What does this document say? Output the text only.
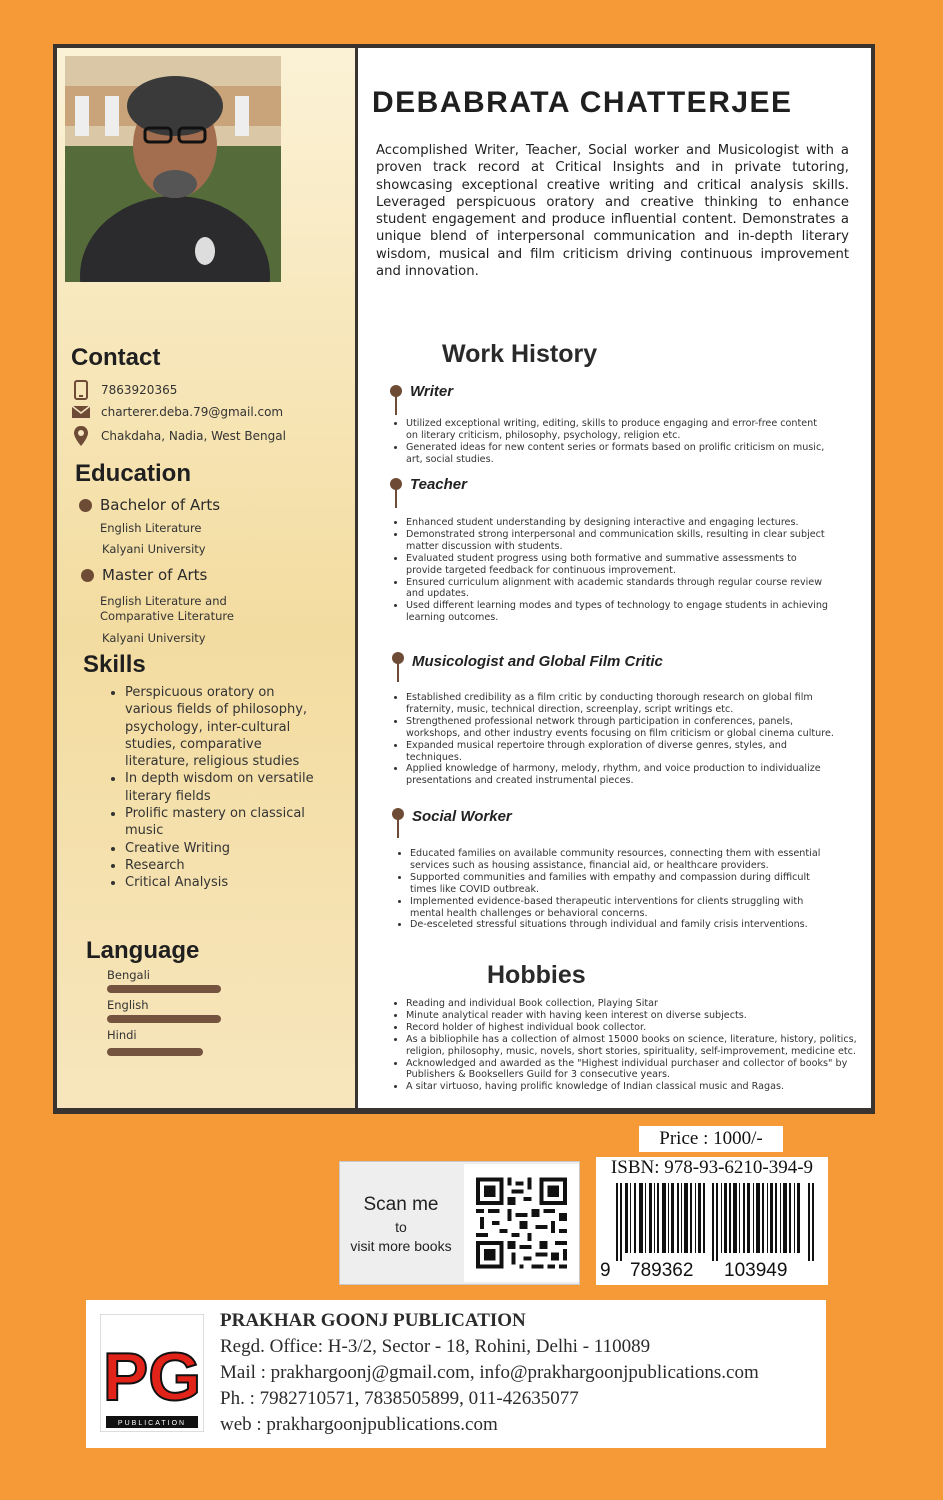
Contact
7863920365
charterer.deba.79@gmail.com
Chakdaha, Nadia, West Bengal
Education
Bachelor of Arts
English Literature
Kalyani University
Master of Arts
English Literature and Comparative Literature
Kalyani University
Skills
• Perspicuous oratory on various fields of philosophy, psychology, inter-cultural studies, comparative literature, religious studies
• In depth wisdom on versatile literary fields
• Prolific mastery on classical music
• Creative Writing
• Research
• Critical Analysis
Language
Bengali
English
Hindi
DEBABRATA CHATTERJEE

Accomplished Writer, Teacher, Social worker and Musicologist with a proven track record at Critical Insights and in private tutoring, showcasing exceptional creative writing and critical analysis skills. Leveraged perspicuous oratory and creative thinking to enhance student engagement and produce influential content. Demonstrates a unique blend of interpersonal communication and in-depth literary wisdom, musical and film criticism driving continuous improvement and innovation.

Work History
Writer
• Utilized exceptional writing, editing, skills to produce engaging and error-free content on literary criticism, philosophy, psychology, religion etc.
• Generated ideas for new content series or formats based on prolific criticism on music, art, social studies.
Teacher
• Enhanced student understanding by designing interactive and engaging lectures.
• Demonstrated strong interpersonal and communication skills, resulting in clear subject matter discussion with students.
• Evaluated student progress using both formative and summative assessments to provide targeted feedback for continuous improvement.
• Ensured curriculum alignment with academic standards through regular course review and updates.
• Used different learning modes and types of technology to engage students in achieving learning outcomes.
Musicologist and Global Film Critic
• Established credibility as a film critic by conducting thorough research on global film fraternity, music, technical direction, screenplay, script writings etc.
• Strengthened professional network through participation in conferences, panels, workshops, and other industry events focusing on film criticism or global cinema culture.
• Expanded musical repertoire through exploration of diverse genres, styles, and techniques.
• Applied knowledge of harmony, melody, rhythm, and voice production to individualize presentations and created instrumental pieces.
Social Worker
• Educated families on available community resources, connecting them with essential services such as housing assistance, financial aid, or healthcare providers.
• Supported communities and families with empathy and compassion during difficult times like COVID outbreak.
• Implemented evidence-based therapeutic interventions for clients struggling with mental health challenges or behavioral concerns.
• De-esceleted stressful situations through individual and family crisis interventions.
Hobbies
• Reading and individual Book collection, Playing Sitar
• Minute analytical reader with having keen interest on diverse subjects.
• Record holder of highest individual book collector.
• As a bibliophile has a collection of almost 15000 books on science, literature, history, politics, religion, philosophy, music, novels, short stories, spirituality, self-improvement, medicine etc.
• Acknowledged and awarded as the "Highest individual purchaser and collector of books" by Publishers & Booksellers Guild for 3 consecutive years.
• A sitar virtuoso, having prolific knowledge of Indian classical music and Ragas.
Price : 1000/-
Scan me
to
visit more books
ISBN: 978-93-6210-394-9
9 789362 103949
PG
PUBLICATION
PRAKHAR GOONJ PUBLICATION
Regd. Office: H-3/2, Sector - 18, Rohini, Delhi - 110089
Mail : prakhargoonj@gmail.com, info@prakhargoonjpublications.com
Ph. : 7982710571, 7838505899, 011-42635077
web : prakhargoonjpublications.com
